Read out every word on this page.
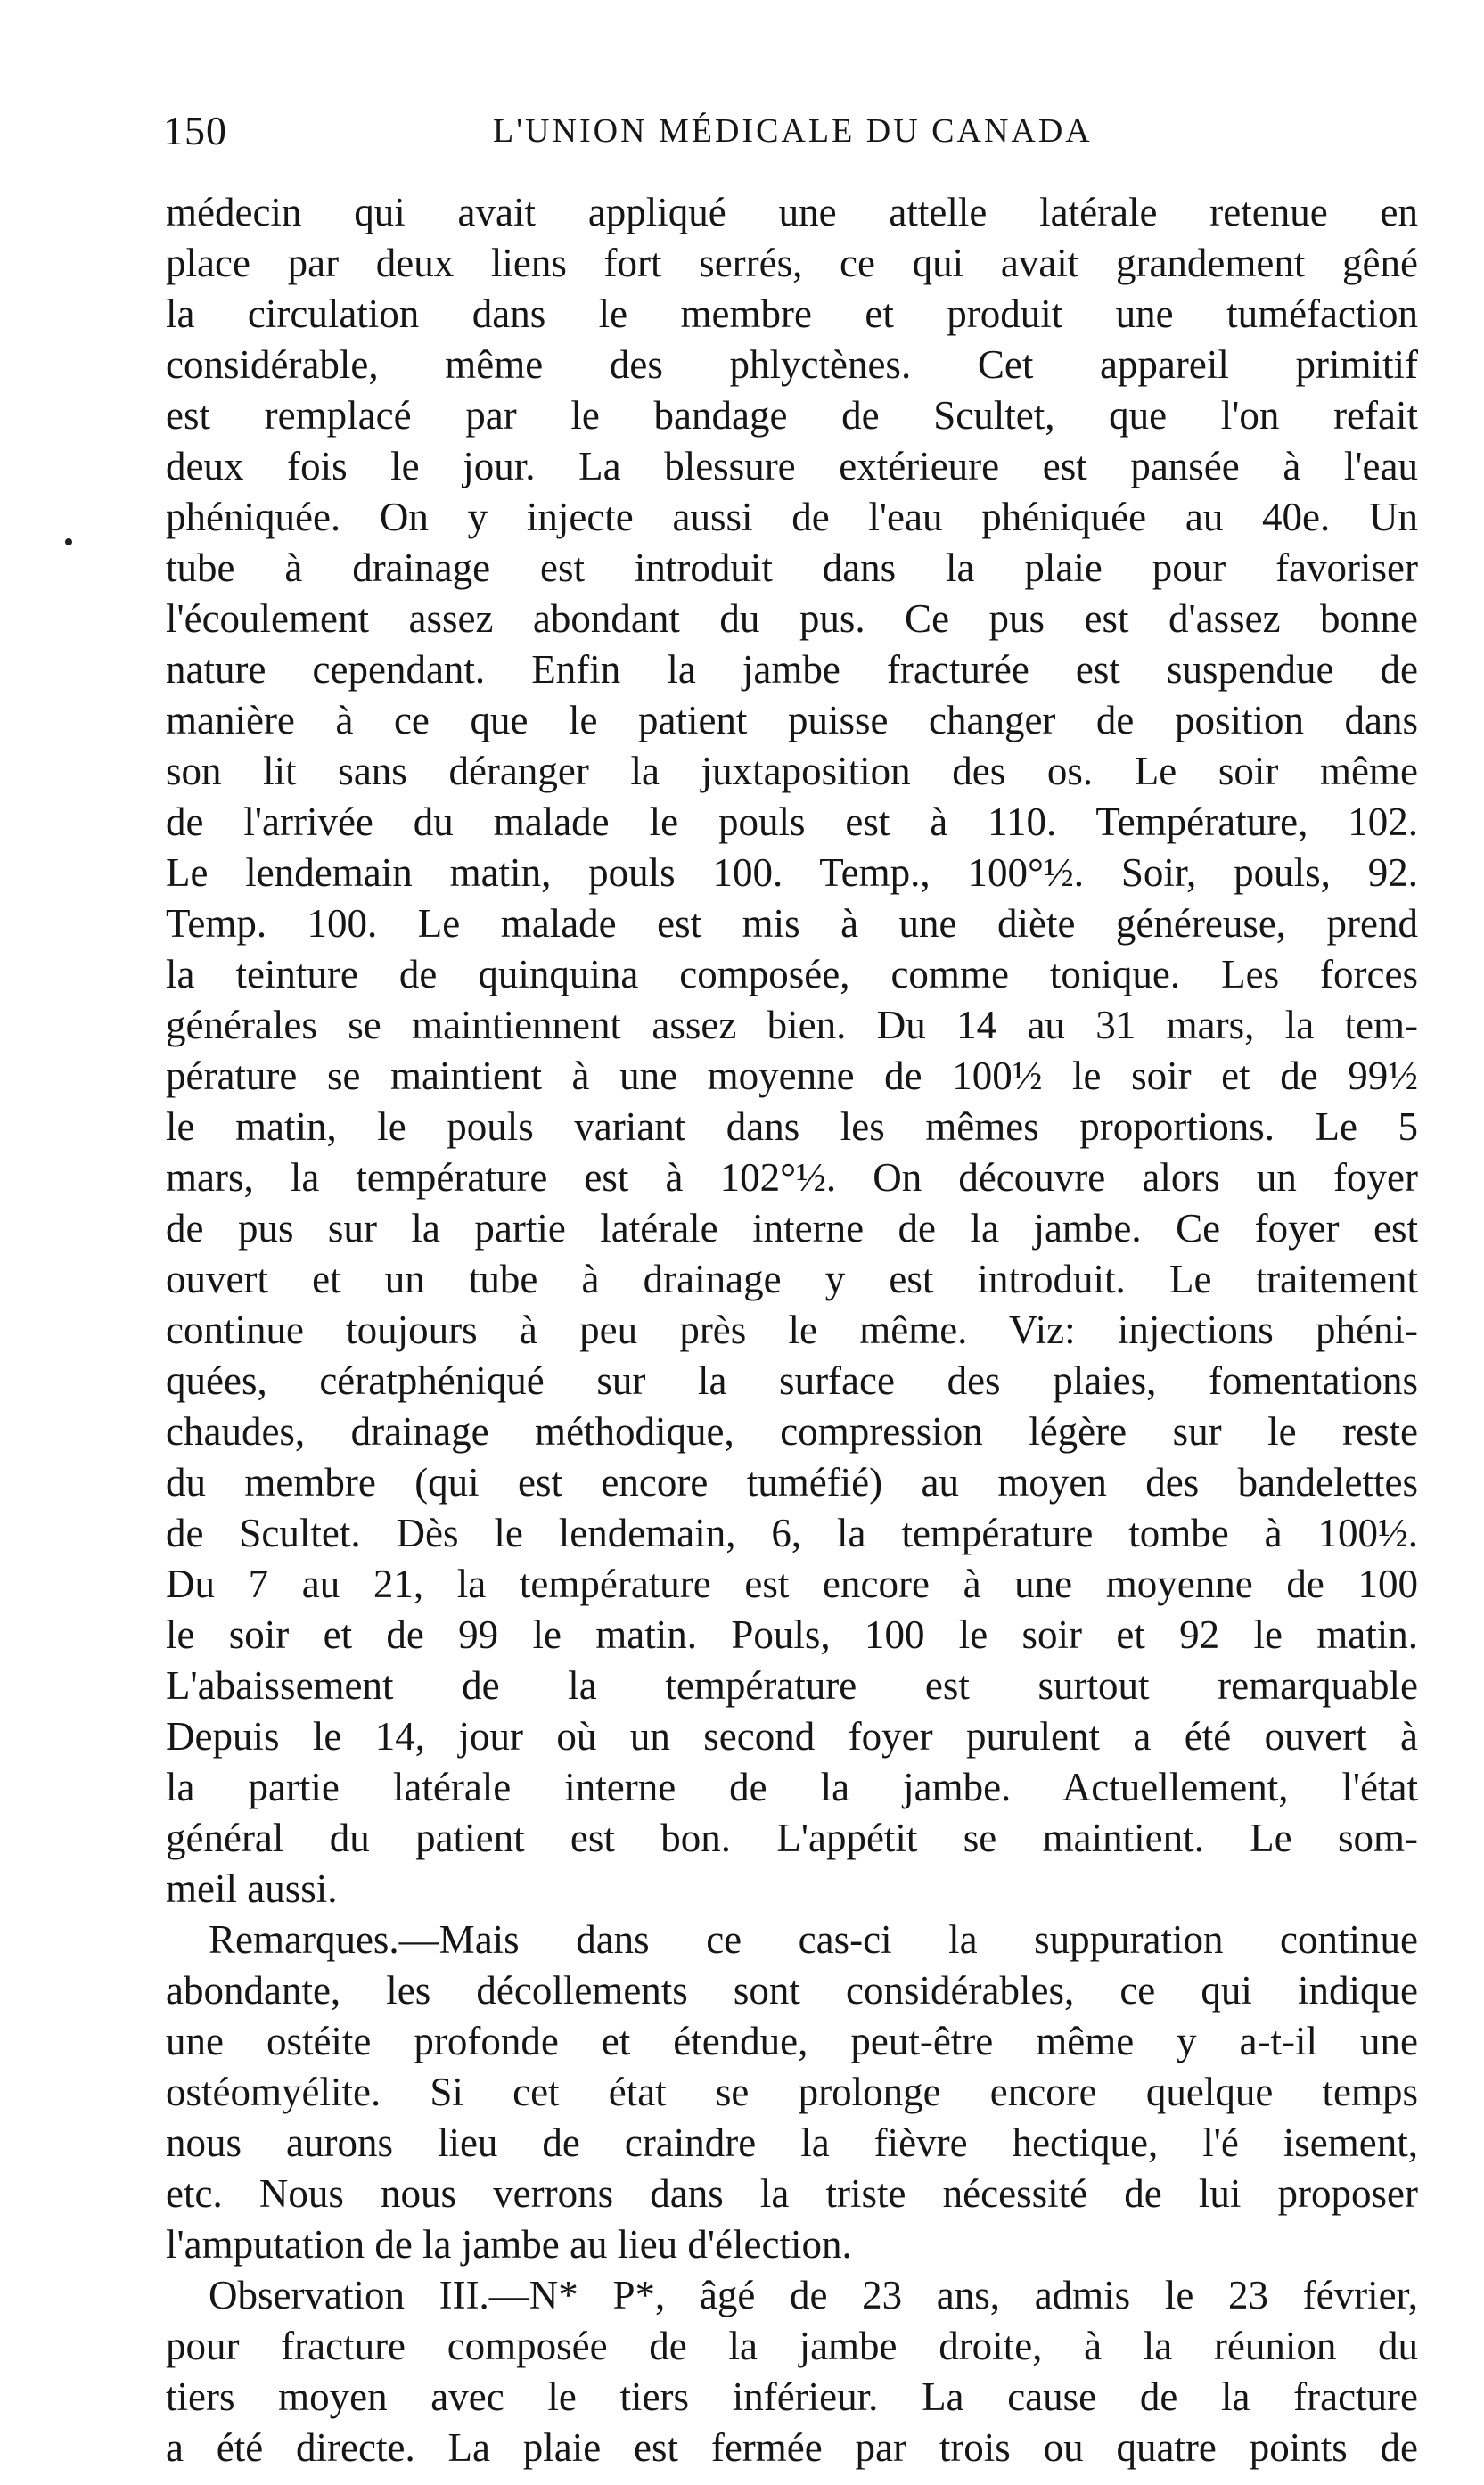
150	L'UNION MÉDICALE DU CANADA
médecin qui avait appliqué une attelle latérale retenue en
place par deux liens fort serrés, ce qui avait grandement gêné
la circulation dans le membre et produit une tuméfaction
considérable, même des phlyctènes. Cet appareil primitif
est remplacé par le bandage de Scultet, que l'on refait
deux fois le jour. La blessure extérieure est pansée à l'eau
phéniquée. On y injecte aussi de l'eau phéniquée au 40e. Un
tube à drainage est introduit dans la plaie pour favoriser
l'écoulement assez abondant du pus. Ce pus est d'assez bonne
nature cependant. Enfin la jambe fracturée est suspendue de
manière à ce que le patient puisse changer de position dans
son lit sans déranger la juxtaposition des os. Le soir même
de l'arrivée du malade le pouls est à 110. Température, 102.
Le lendemain matin, pouls 100. Temp., 100°½. Soir, pouls, 92.
Temp. 100. Le malade est mis à une diète généreuse, prend
la teinture de quinquina composée, comme tonique. Les forces
générales se maintiennent assez bien. Du 14 au 31 mars, la tem-
pérature se maintient à une moyenne de 100½ le soir et de 99½
le matin, le pouls variant dans les mêmes proportions. Le 5
mars, la température est à 102°½. On découvre alors un foyer
de pus sur la partie latérale interne de la jambe. Ce foyer est
ouvert et un tube à drainage y est introduit. Le traitement
continue toujours à peu près le même. Viz: injections phéni-
quées, cératphéniqué sur la surface des plaies, fomentations
chaudes, drainage méthodique, compression légère sur le reste
du membre (qui est encore tuméfié) au moyen des bandelettes
de Scultet. Dès le lendemain, 6, la température tombe à 100½.
Du 7 au 21, la température est encore à une moyenne de 100
le soir et de 99 le matin. Pouls, 100 le soir et 92 le matin.
L'abaissement de la température est surtout remarquable
Depuis le 14, jour où un second foyer purulent a été ouvert à
la partie latérale interne de la jambe. Actuellement, l'état
général du patient est bon. L'appétit se maintient. Le som-
meil aussi.
Remarques.—Mais dans ce cas-ci la suppuration continue
abondante, les décollements sont considérables, ce qui indique
une ostéite profonde et étendue, peut-être même y a-t-il une
ostéomyélite. Si cet état se prolonge encore quelque temps
nous aurons lieu de craindre la fièvre hectique, l'é isement,
etc. Nous nous verrons dans la triste nécessité de lui proposer
l'amputation de la jambe au lieu d'élection.
Observation III.—N* P*, âgé de 23 ans, admis le 23 février,
pour fracture composée de la jambe droite, à la réunion du
tiers moyen avec le tiers inférieur. La cause de la fracture
a été directe. La plaie est fermée par trois ou quatre points de
